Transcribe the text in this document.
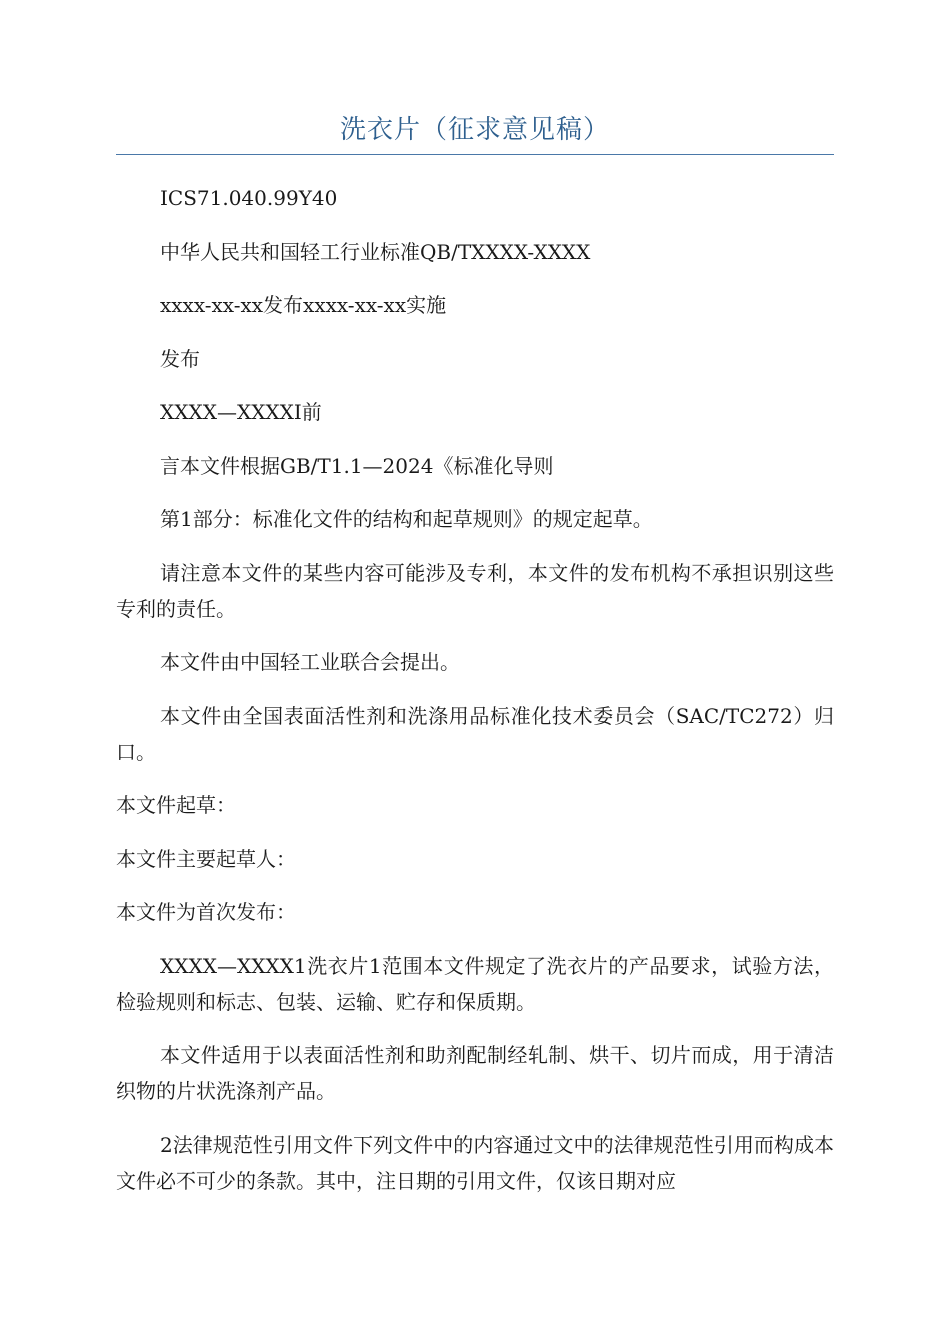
洗衣片（征求意见稿）

ICS71.040.99Y40

中华人民共和国轻工行业标准QB/TXXXX-XXXX

xxxx-xx-xx发布xxxx-xx-xx实施

发布

XXXX—XXXXI前

言本文件根据GB/T1.1—2024《标准化导则

第1部分：标准化文件的结构和起草规则》的规定起草。

请注意本文件的某些内容可能涉及专利，本文件的发布机构不承担识别这些专利的责任。

本文件由中国轻工业联合会提出。

本文件由全国表面活性剂和洗涤用品标准化技术委员会（SAC/TC272）归口。

本文件起草：

本文件主要起草人：

本文件为首次发布：

XXXX—XXXX1洗衣片1范围本文件规定了洗衣片的产品要求，试验方法，检验规则和标志、包装、运输、贮存和保质期。

本文件适用于以表面活性剂和助剂配制经轧制、烘干、切片而成，用于清洁织物的片状洗涤剂产品。

2法律规范性引用文件下列文件中的内容通过文中的法律规范性引用而构成本文件必不可少的条款。其中，注日期的引用文件，仅该日期对应
